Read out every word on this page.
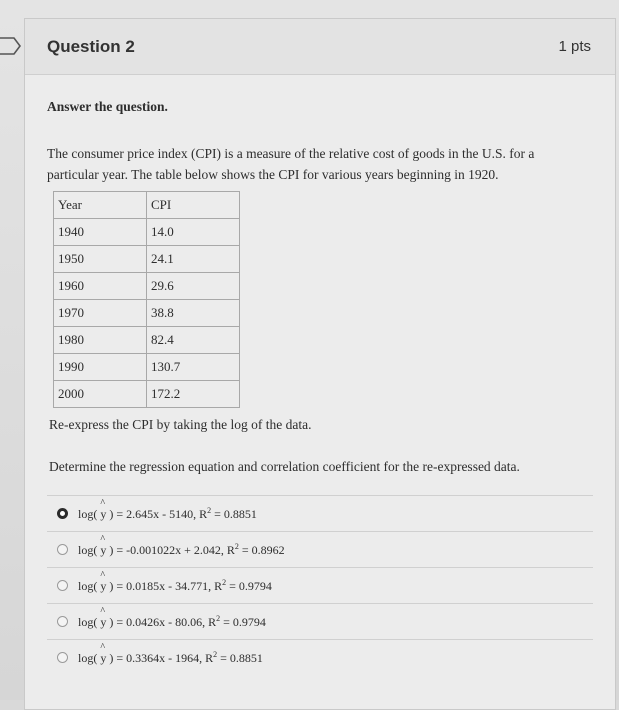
Question 2	1 pts
Answer the question.
The consumer price index (CPI) is a measure of the relative cost of goods in the U.S. for a
particular year. The table below shows the CPI for various years beginning in 1920.
Year	CPI
1940	14.0
1950	24.1
1960	29.6
1970	38.8
1980	82.4
1990	130.7
2000	172.2
Re-express the CPI by taking the log of the data.
Determine the regression equation and correlation coefficient for the re-expressed data.
log( ^ y ) = 2.645x - 5140, $R^2 = 0.8851$
log( ^ y ) = -0.001022x + 2.042, $R^2 = 0.8962$
log( ^ y ) = 0.0185x - 34.771, $R^2 = 0.9794$
log( ^ y ) = 0.0426x - 80.06, $R^2 = 0.9794$
log( ^ y ) = 0.3364x - 1964, $R^2 = 0.8851$
